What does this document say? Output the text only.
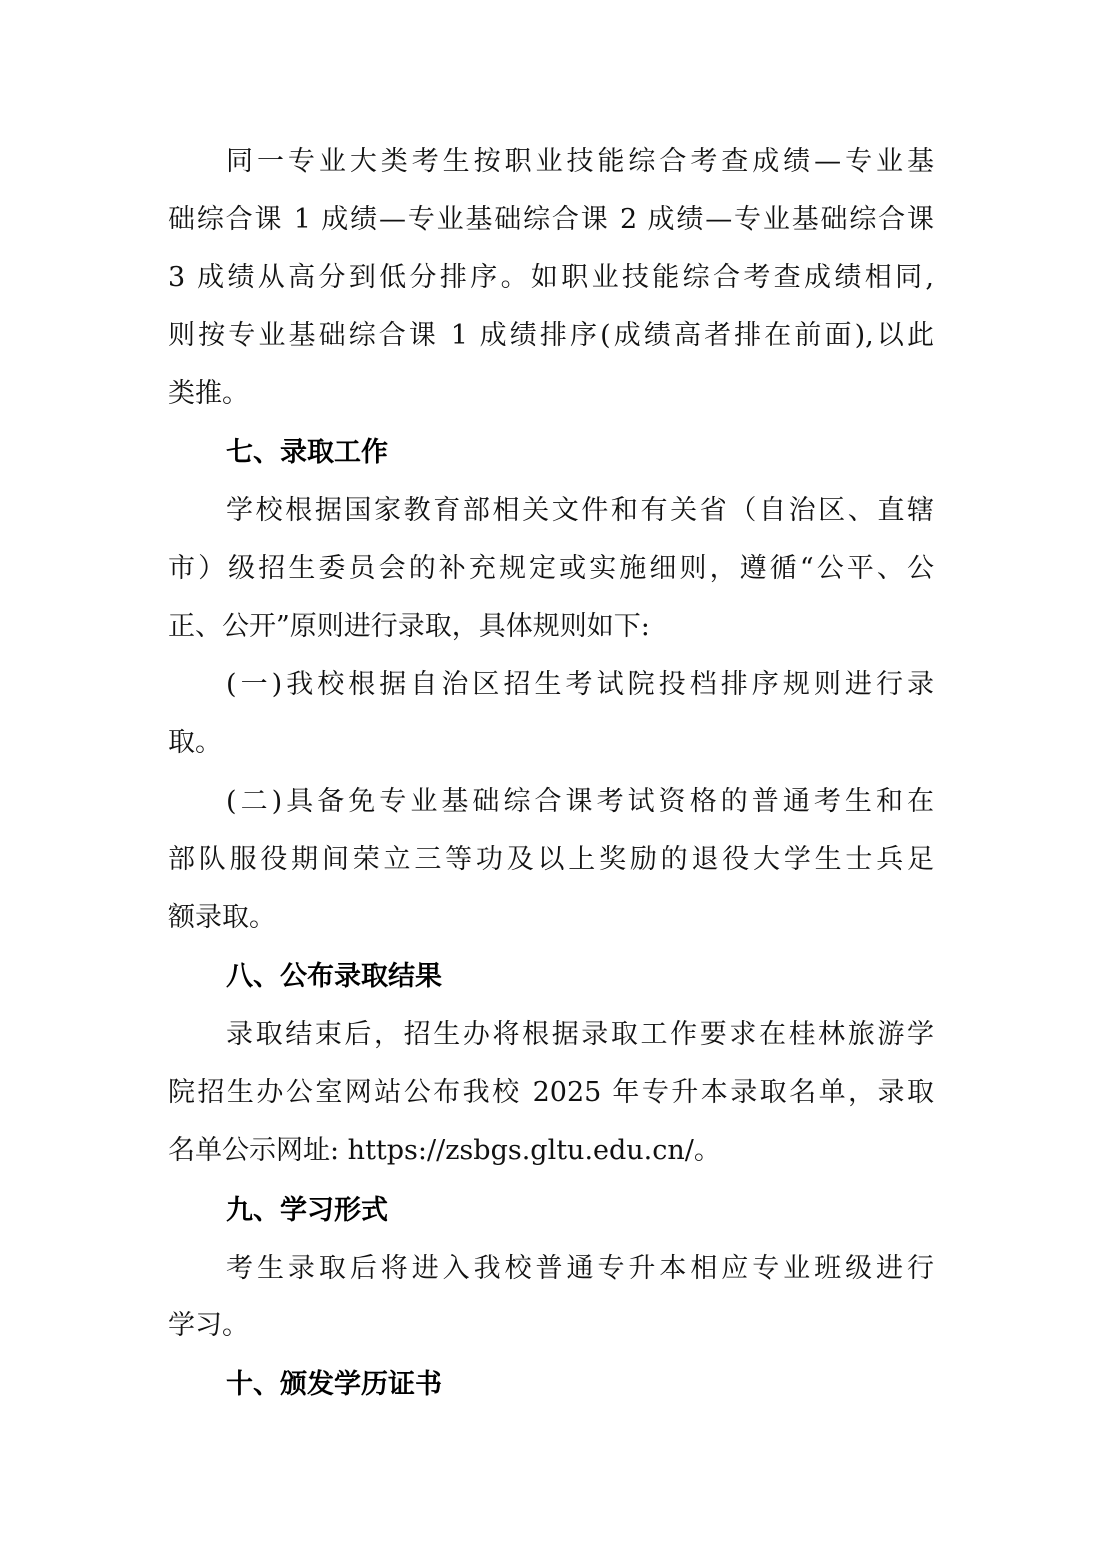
同一专业大类考生按职业技能综合考查成绩—专业基
础综合课 1 成绩—专业基础综合课 2 成绩—专业基础综合课
3 成绩从高分到低分排序。如职业技能综合考查成绩相同,
则按专业基础综合课 1 成绩排序(成绩高者排在前面),以此
类推。
七、录取工作
学校根据国家教育部相关文件和有关省（自治区、直辖
市）级招生委员会的补充规定或实施细则，遵循“公平、公
正、公开”原则进行录取，具体规则如下:
(一)我校根据自治区招生考试院投档排序规则进行录
取。
(二)具备免专业基础综合课考试资格的普通考生和在
部队服役期间荣立三等功及以上奖励的退役大学生士兵足
额录取。
八、公布录取结果
录取结束后，招生办将根据录取工作要求在桂林旅游学
院招生办公室网站公布我校 2025 年专升本录取名单，录取
名单公示网址: https://zsbgs.gltu.edu.cn/。
九、学习形式
考生录取后将进入我校普通专升本相应专业班级进行
学习。
十、颁发学历证书
